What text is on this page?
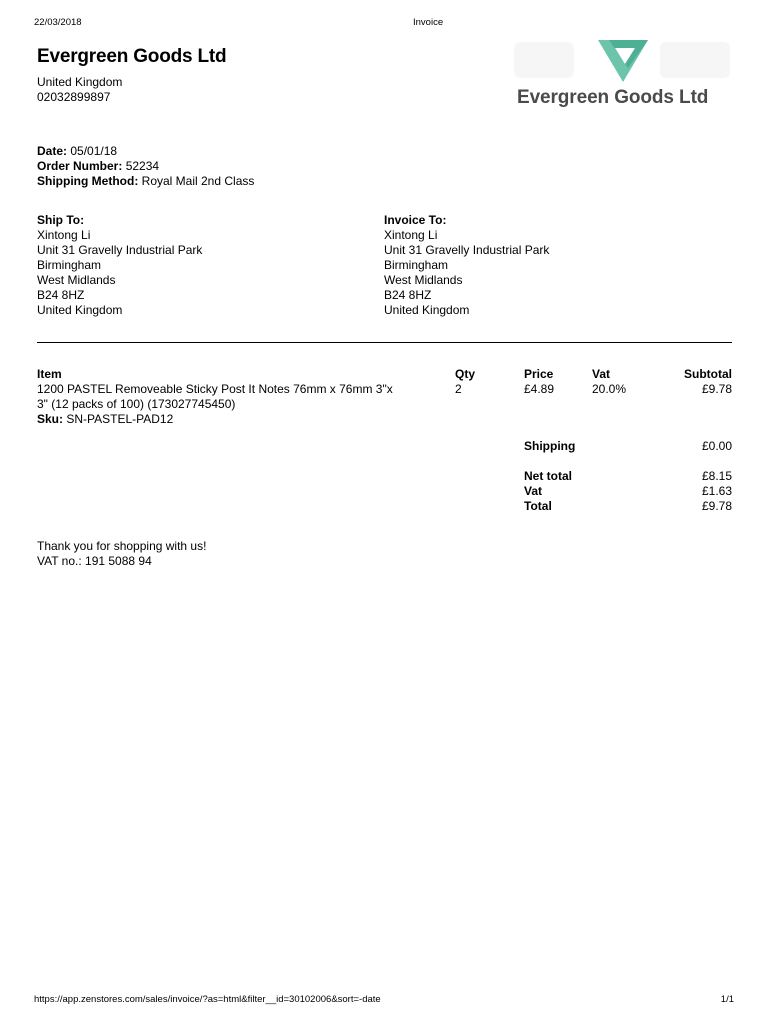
22/03/2018	Invoice
Evergreen Goods Ltd
United Kingdom
02032899897	Evergreen Goods Ltd
Date: 05/01/18
Order Number: 52234
Shipping Method: Royal Mail 2nd Class
Ship To:
Xintong Li
Unit 31 Gravelly Industrial Park
Birmingham
West Midlands
B24 8HZ
United Kingdom
Invoice To:
Xintong Li
Unit 31 Gravelly Industrial Park
Birmingham
West Midlands
B24 8HZ
United Kingdom
Item	Qty	Price	Vat	Subtotal
1200 PASTEL Removeable Sticky Post It Notes 76mm x 76mm 3"x
3" (12 packs of 100) (173027745450)
Sku: SN-PASTEL-PAD12
2	£4.89	20.0%	£9.78
Shipping	£0.00
Net total	£8.15
Vat	£1.63
Total	£9.78
Thank you for shopping with us!
VAT no.: 191 5088 94
https://app.zenstores.com/sales/invoice/?as=html&filter__id=30102006&sort=-date	1/1
